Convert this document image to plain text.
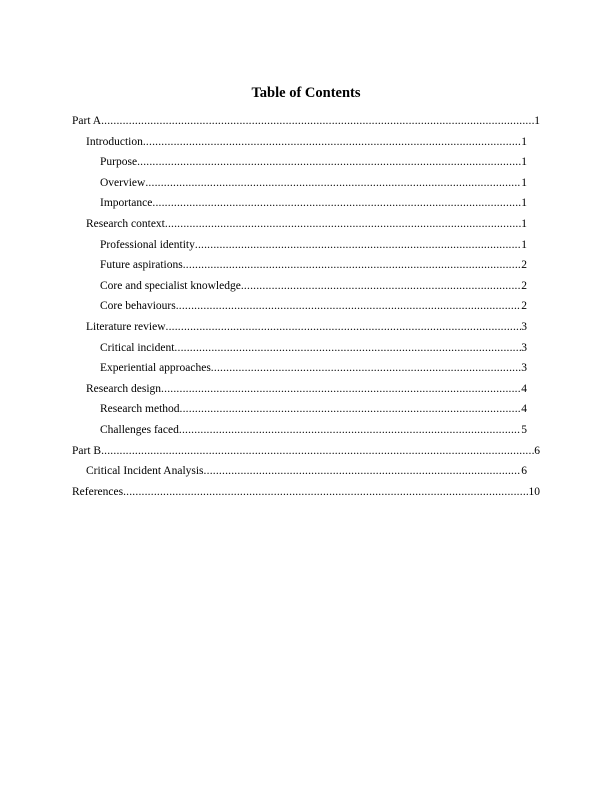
Table of Contents
Part A .....	1
Introduction .....	1
Purpose .....	1
Overview .....	1
Importance .....	1
Research context .....	1
Professional identity .....	1
Future aspirations .....	2
Core and specialist knowledge .....	2
Core behaviours .....	2
Literature review .....	3
Critical incident .....	3
Experiential approaches .....	3
Research design .....	4
Research method .....	4
Challenges faced .....	5
Part B .....	6
Critical Incident Analysis .....	6
References .....	10
